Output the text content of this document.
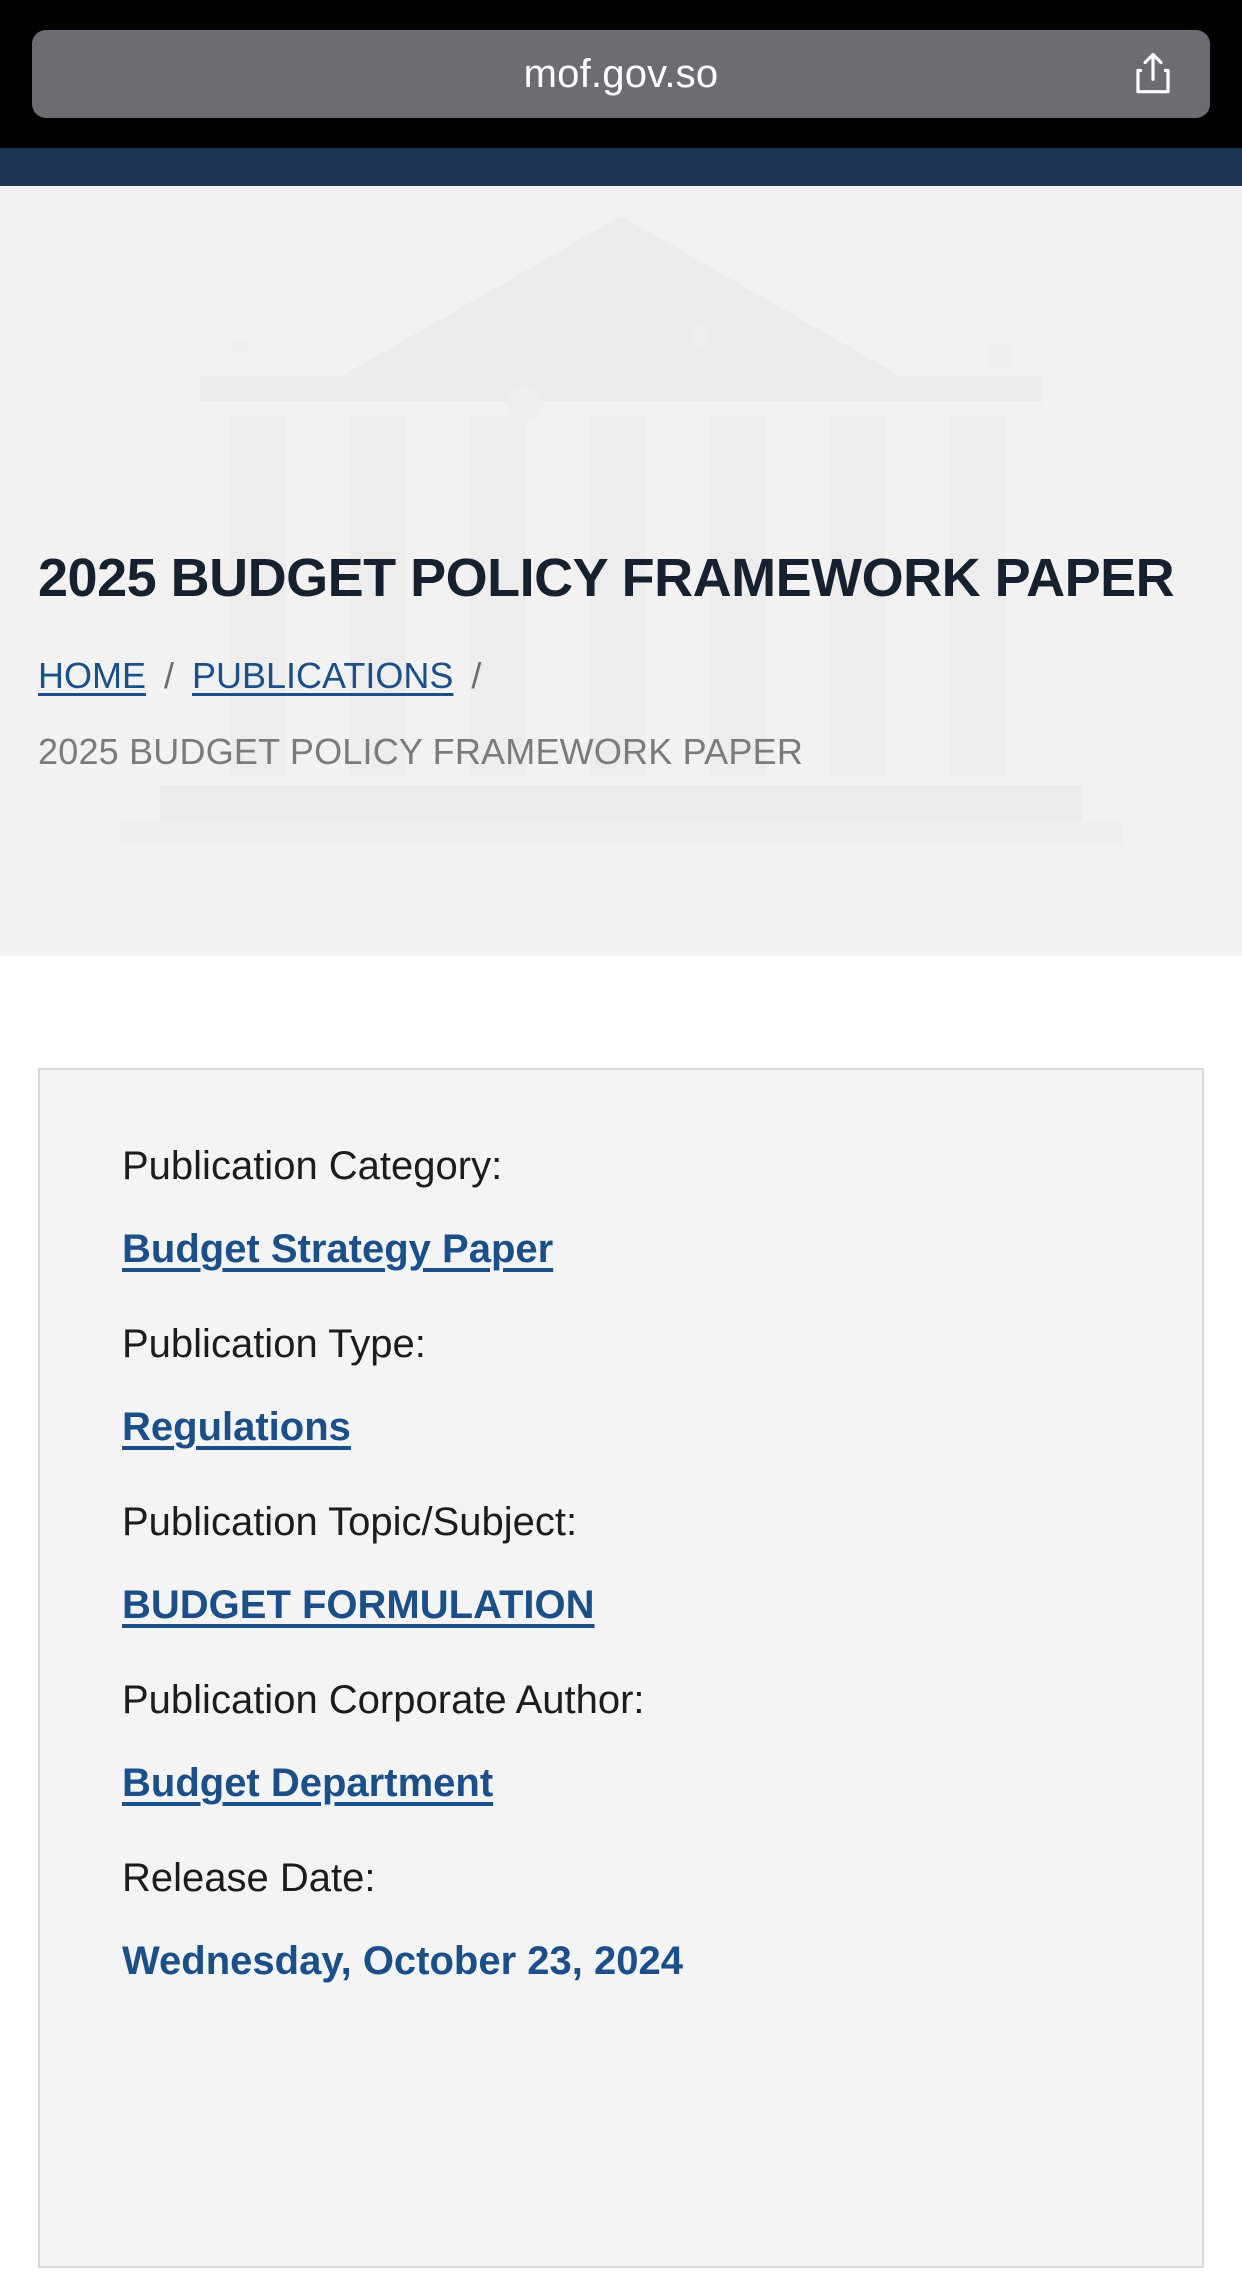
mof.gov.so
2025 BUDGET POLICY FRAMEWORK PAPER
HOME / PUBLICATIONS /
2025 BUDGET POLICY FRAMEWORK PAPER
Publication Category:
Budget Strategy Paper
Publication Type:
Regulations
Publication Topic/Subject:
BUDGET FORMULATION
Publication Corporate Author:
Budget Department
Release Date:
Wednesday, October 23, 2024
